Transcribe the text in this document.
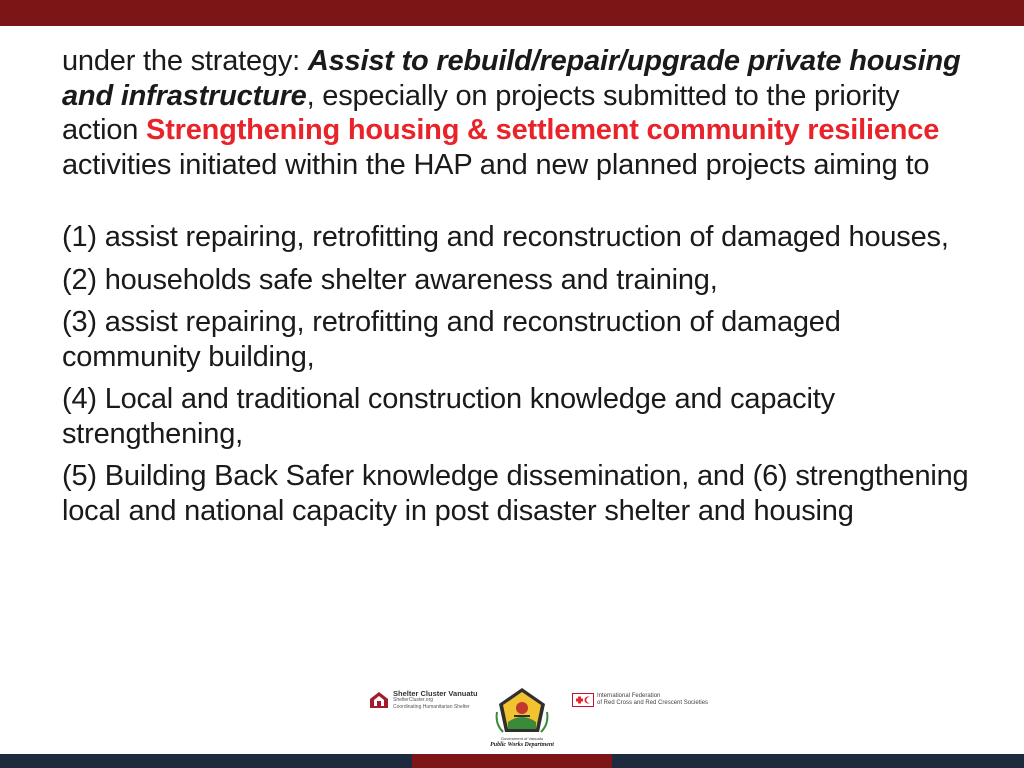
under the strategy: Assist to rebuild/repair/upgrade private housing and infrastructure, especially on projects submitted to the priority action Strengthening housing & settlement community resilience activities initiated within the HAP and new planned projects aiming to

(1) assist repairing, retrofitting and reconstruction of damaged houses,

(2) households safe shelter awareness and training,

(3) assist repairing, retrofitting and reconstruction of damaged community building,

(4) Local and traditional construction knowledge and capacity strengthening,

(5) Building Back Safer knowledge dissemination, and (6) strengthening local and national capacity in post disaster shelter and housing

Shelter Cluster Vanuatu
ShelterCluster.org
Coordinating Humanitarian Shelter
Government of Vanuatu
Public Works Department
International Federation
of Red Cross and Red Crescent Societies
